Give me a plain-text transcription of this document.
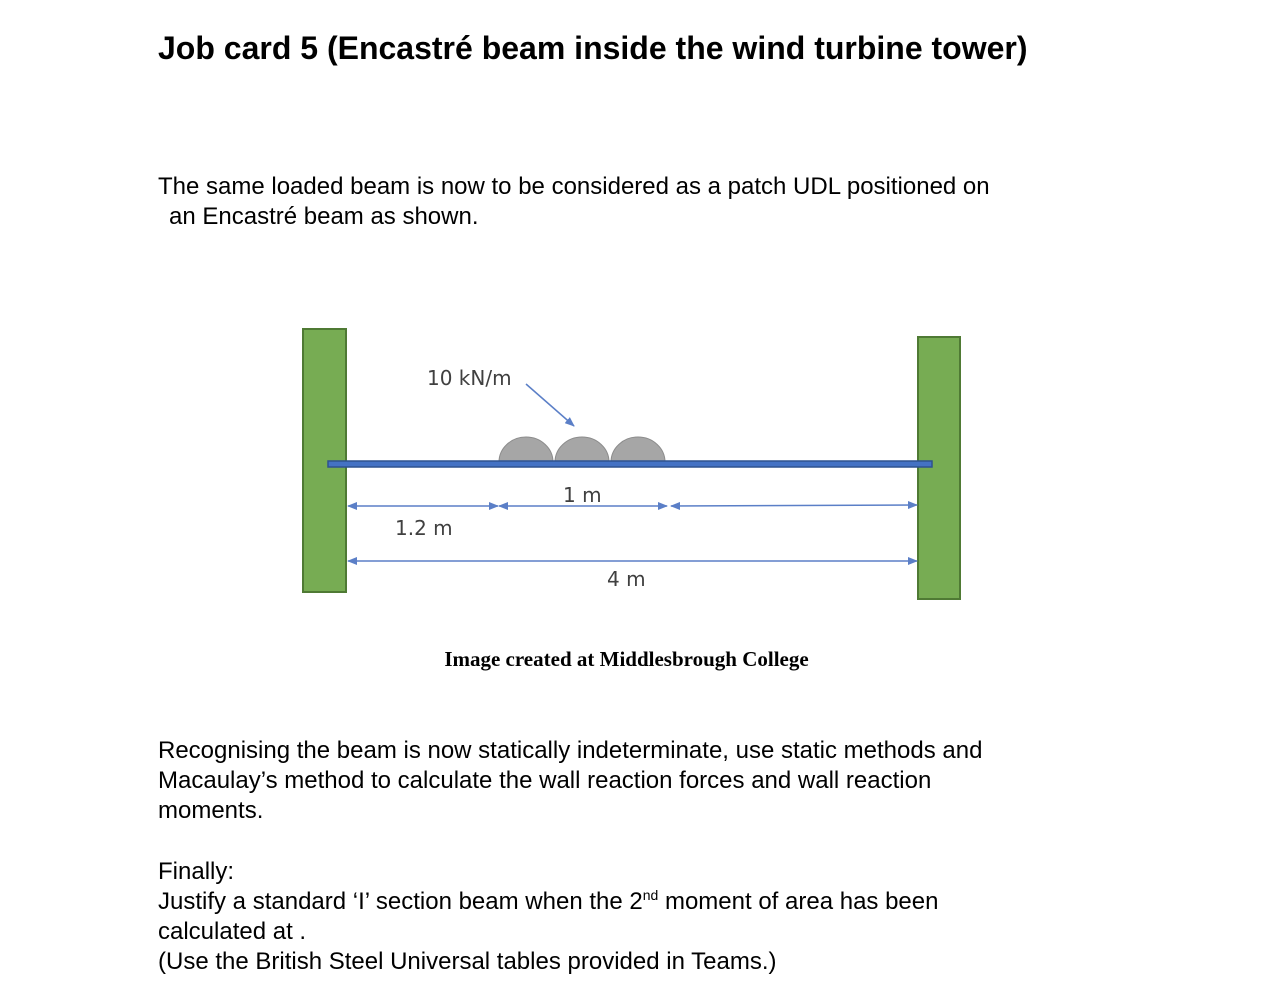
Job card 5 (Encastré beam inside the wind turbine tower)

The same loaded beam is now to be considered as a patch UDL positioned on
an Encastré beam as shown.

10 kN/m
1 m
1.2 m
4 m

Image created at Middlesbrough College

Recognising the beam is now statically indeterminate, use static methods and
Macaulay’s method to calculate the wall reaction forces and wall reaction
moments.

Finally:
Justify a standard ‘I’ section beam when the 2nd moment of area has been
calculated at .
(Use the British Steel Universal tables provided in Teams.)
